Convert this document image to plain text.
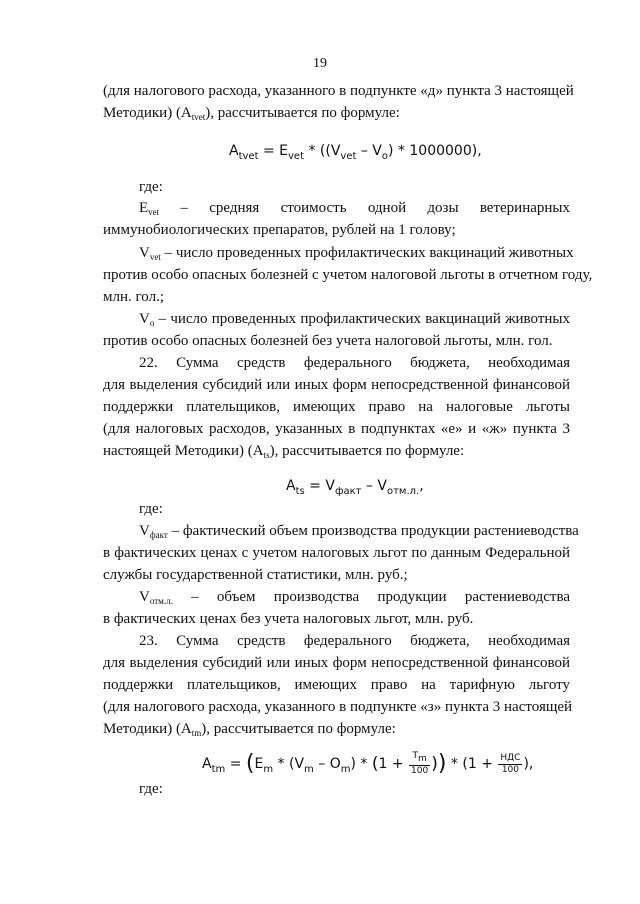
19
(для налогового расхода, указанного в подпункте «д» пункта 3 настоящей
Методики) $(A_{tvet})$, рассчитывается по формуле:
$A_{tvet} = E_{vet} * ((V_{vet} - V_o) * 1000000)$,
где:
$E_{vet}$ – средняя стоимость одной дозы ветеринарных
иммунобиологических препаратов, рублей на 1 голову;
$V_{vet}$ – число проведенных профилактических вакцинаций животных
против особо опасных болезней с учетом налоговой льготы в отчетном году,
млн. гол.;
$V_o$ – число проведенных профилактических вакцинаций животных
против особо опасных болезней без учета налоговой льготы, млн. гол.
22. Сумма средств федерального бюджета, необходимая
для выделения субсидий или иных форм непосредственной финансовой
поддержки плательщиков, имеющих право на налоговые льготы
(для налоговых расходов, указанных в подпунктах «е» и «ж» пункта 3
настоящей Методики) $(A_{ts})$, рассчитывается по формуле:
$A_{ts} = V_{факт} - V_{отм.л.}$,
где:
$V_{факт}$ – фактический объем производства продукции растениеводства
в фактических ценах с учетом налоговых льгот по данным Федеральной
службы государственной статистики, млн. руб.;
$V_{отм.л.}$ – объем производства продукции растениеводства
в фактических ценах без учета налоговых льгот, млн. руб.
23. Сумма средств федерального бюджета, необходимая
для выделения субсидий или иных форм непосредственной финансовой
поддержки плательщиков, имеющих право на тарифную льготу
(для налогового расхода, указанного в подпункте «з» пункта 3 настоящей
Методики) $(A_{tm})$, рассчитывается по формуле:
$A_{tm} = (E_m * (V_m - O_m) * (1 + \frac{T_m}{100}$ )) * ($1 + \frac{\text{НДС}}{100}$ ),
где:
